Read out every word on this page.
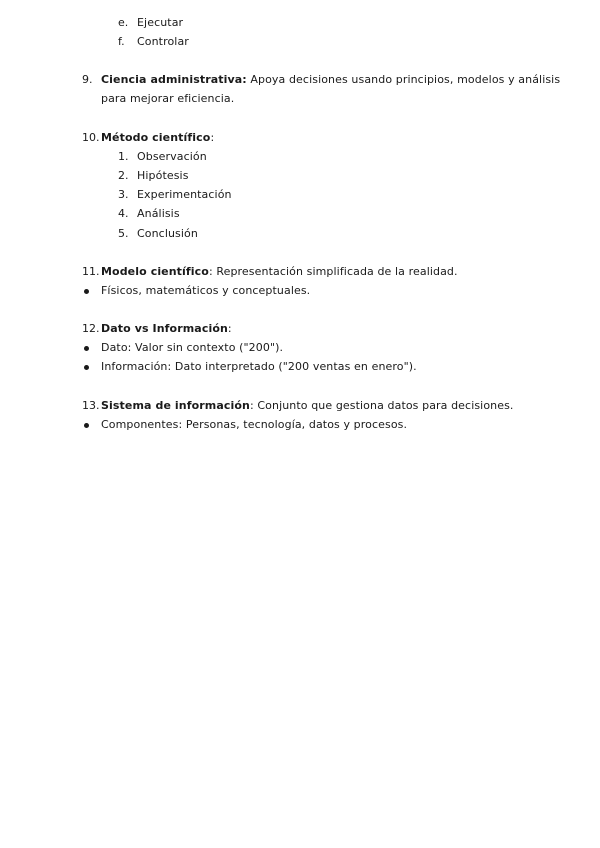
e. Ejecutar
f. Controlar
9. Ciencia administrativa: Apoya decisiones usando principios, modelos y análisis
para mejorar eficiencia.
10. Método científico:
1. Observación
2. Hipótesis
3. Experimentación
4. Análisis
5. Conclusión
11. Modelo científico: Representación simplificada de la realidad.
Físicos, matemáticos y conceptuales.
12. Dato vs Información:
Dato: Valor sin contexto ("200").
Información: Dato interpretado ("200 ventas en enero").
13. Sistema de información: Conjunto que gestiona datos para decisiones.
Componentes: Personas, tecnología, datos y procesos.
